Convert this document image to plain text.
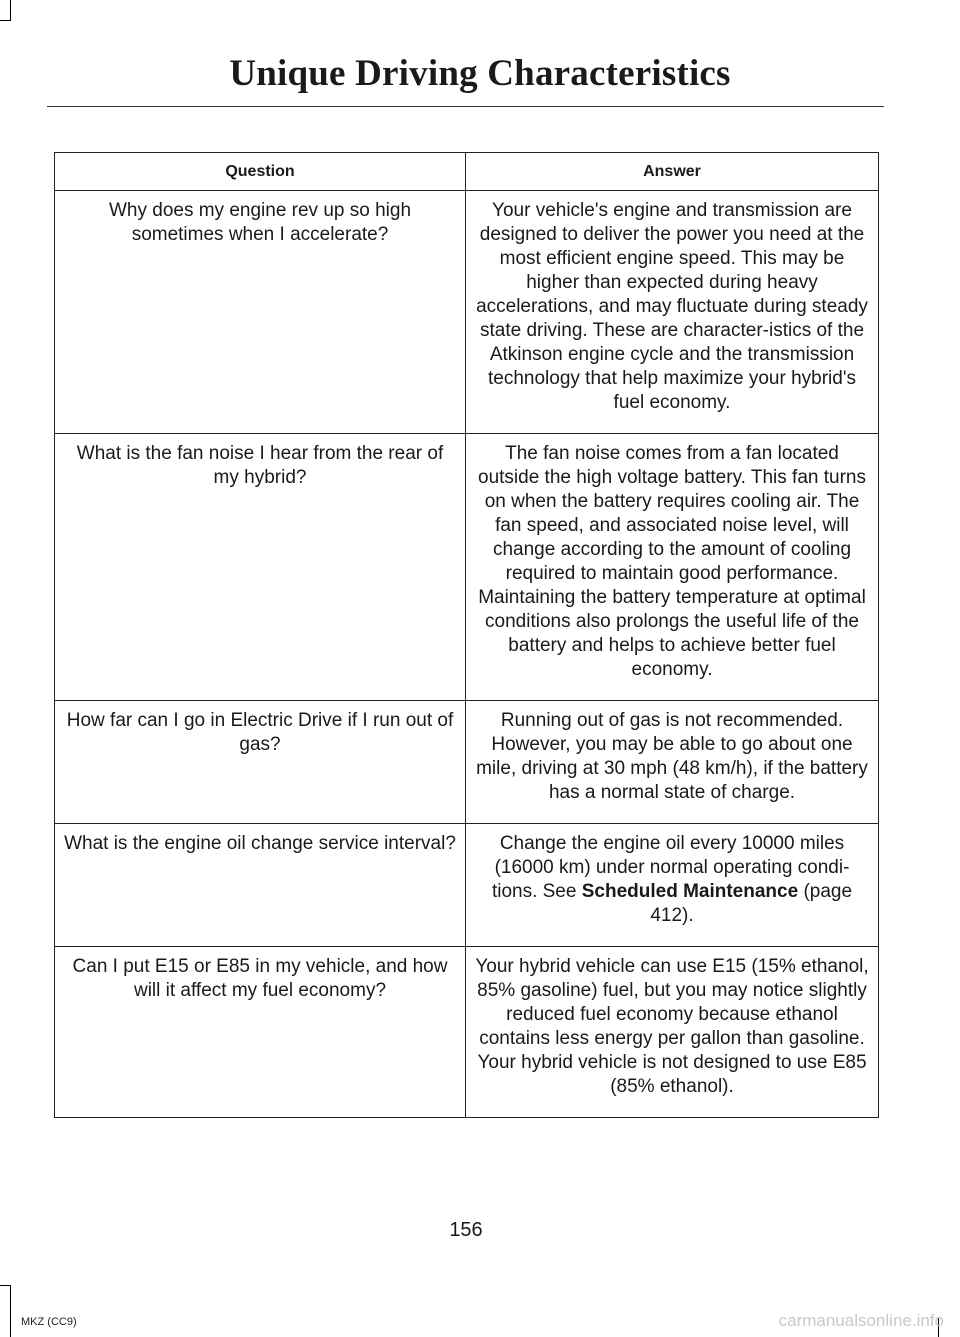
Unique Driving Characteristics
Question	Answer
Why does my engine rev up so high sometimes when I accelerate?	Your vehicle's engine and transmission are designed to deliver the power you need at the most efficient engine speed. This may be higher than expected during heavy accelerations, and may fluctuate during steady state driving. These are character-istics of the Atkinson engine cycle and the transmission technology that help maximize your hybrid's fuel economy.
What is the fan noise I hear from the rear of my hybrid?	The fan noise comes from a fan located outside the high voltage battery. This fan turns on when the battery requires cooling air. The fan speed, and associated noise level, will change according to the amount of cooling required to maintain good performance. Maintaining the battery temperature at optimal conditions also prolongs the useful life of the battery and helps to achieve better fuel economy.
How far can I go in Electric Drive if I run out of gas?	Running out of gas is not recommended. However, you may be able to go about one mile, driving at 30 mph (48 km/h), if the battery has a normal state of charge.
What is the engine oil change service interval?	Change the engine oil every 10000 miles (16000 km) under normal operating condi-tions. See Scheduled Maintenance (page 412).
Can I put E15 or E85 in my vehicle, and how will it affect my fuel economy?	Your hybrid vehicle can use E15 (15% ethanol, 85% gasoline) fuel, but you may notice slightly reduced fuel economy because ethanol contains less energy per gallon than gasoline. Your hybrid vehicle is not designed to use E85 (85% ethanol).
156
MKZ (CC9)	carmanualsonline.info
